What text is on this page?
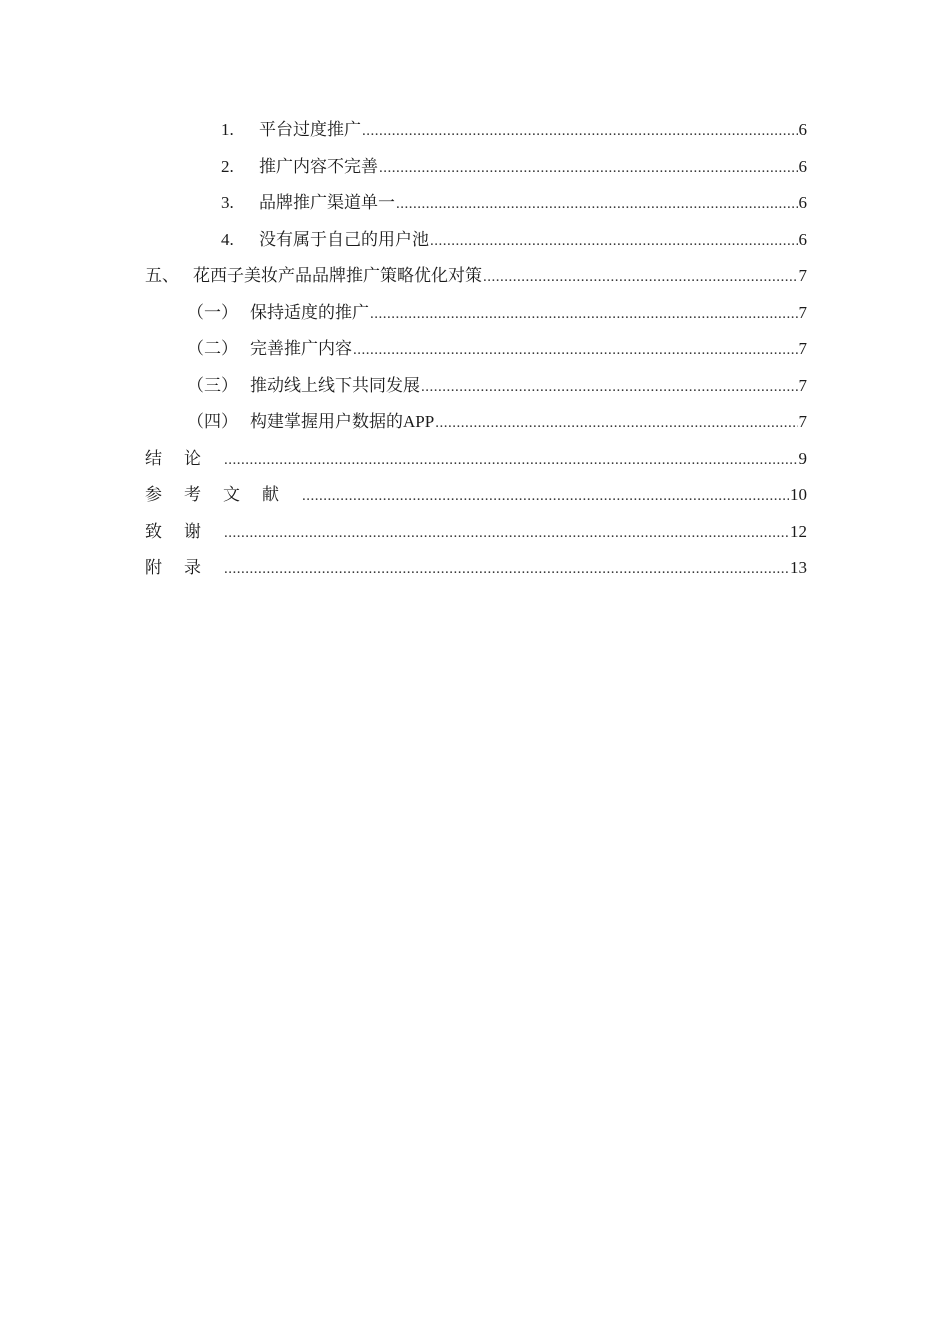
1.	平台过度推广 .....	6
2.	推广内容不完善 .....	6
3.	品牌推广渠道单一 .....	6
4.	没有属于自己的用户池 .....	6
五、 花西子美妆产品品牌推广策略优化对策 .....	7
（一） 保持适度的推广 .....	7
（二） 完善推广内容 .....	7
（三） 推动线上线下共同发展 .....	7
（四） 构建掌握用户数据的APP .....	7
结论 .....	9
参考文献 .....	10
致谢 .....	12
附录 .....	13
